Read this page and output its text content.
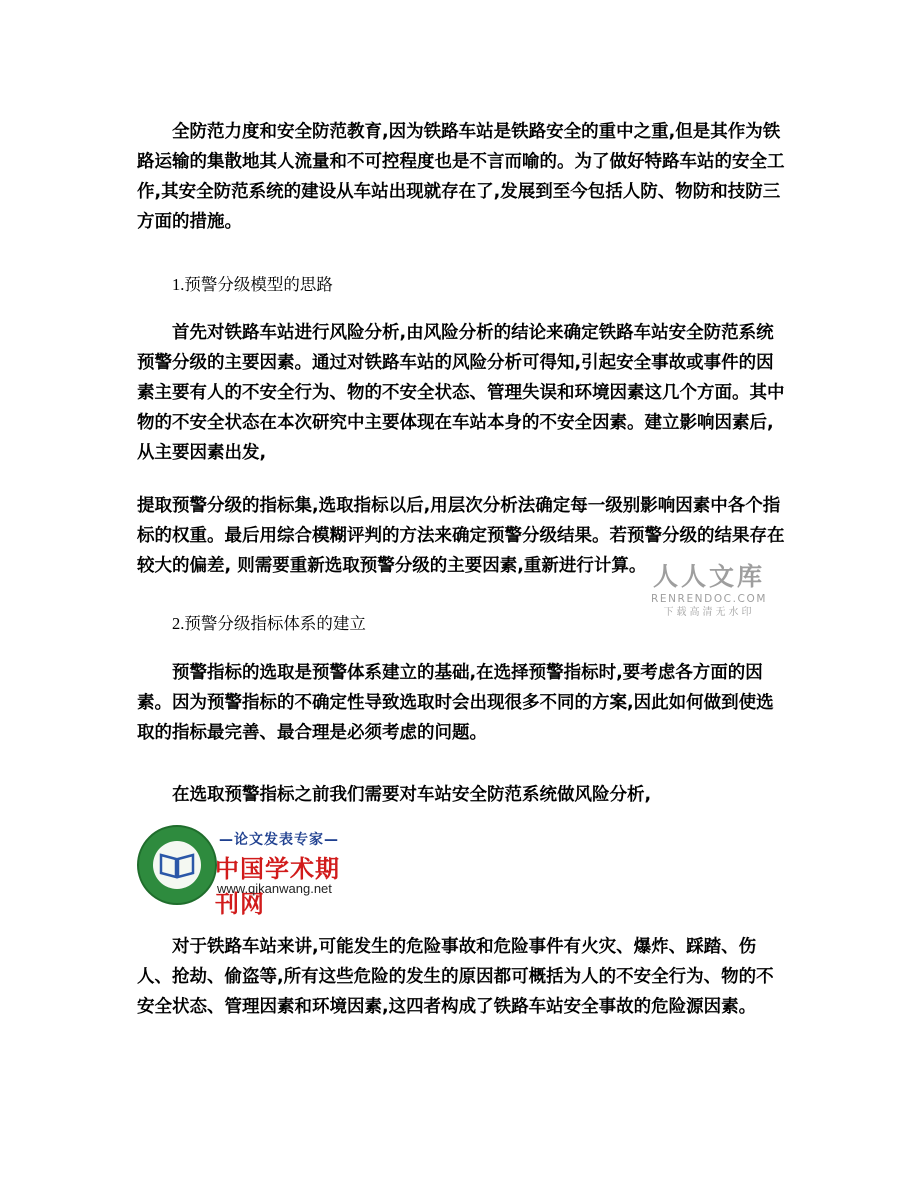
全防范力度和安全防范教育,因为铁路车站是铁路安全的重中之重,但是其作为铁路运输的集散地其人流量和不可控程度也是不言而喻的。为了做好特路车站的安全工作,其安全防范系统的建设从车站出现就存在了,发展到至今包括人防、物防和技防三方面的措施。

1.预警分级模型的思路

首先对铁路车站进行风险分析,由风险分析的结论来确定铁路车站安全防范系统预警分级的主要因素。通过对铁路车站的风险分析可得知,引起安全事故或事件的因素主要有人的不安全行为、物的不安全状态、管理失误和环境因素这几个方面。其中物的不安全状态在本次研究中主要体现在车站本身的不安全因素。建立影响因素后,从主要因素出发,

提取预警分级的指标集,选取指标以后,用层次分析法确定每一级别影响因素中各个指标的权重。最后用综合模糊评判的方法来确定预警分级结果。若预警分级的结果存在较大的偏差, 则需要重新选取预警分级的主要因素,重新进行计算。 人人文库
RENRENDOC.COM
下载高清无水印
2.预警分级指标体系的建立

预警指标的选取是预警体系建立的基础,在选择预警指标时,要考虑各方面的因素。因为预警指标的不确定性导致选取时会出现很多不同的方案,因此如何做到使选取的指标最完善、最合理是必须考虑的问题。

在选取预警指标之前我们需要对车站安全防范系统做风险分析,

—论文发表专家—
中国学术期刊网
www.qikanwang.net

对于铁路车站来讲,可能发生的危险事故和危险事件有火灾、爆炸、踩踏、伤人、抢劫、偷盗等,所有这些危险的发生的原因都可概括为人的不安全行为、物的不安全状态、管理因素和环境因素,这四者构成了铁路车站安全事故的危险源因素。
